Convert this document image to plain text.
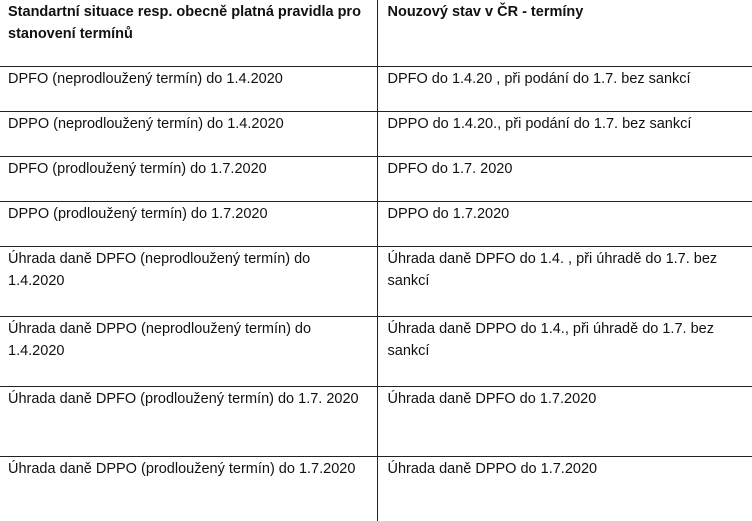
Standartní situace resp. obecně platná pravidla pro stanovení termínů	Nouzový stav v ČR - termíny

DPFO (neprodloužený termín) do 1.4.2020	DPFO do 1.4.20 , při podání do 1.7. bez sankcí

DPPO (neprodloužený termín) do 1.4.2020	DPPO do 1.4.20., při podání do 1.7. bez sankcí

DPFO (prodloužený termín) do 1.7.2020	DPFO do 1.7. 2020

DPPO (prodloužený termín) do 1.7.2020	DPPO do 1.7.2020

Úhrada daně DPFO (neprodloužený termín) do 1.4.2020	Úhrada daně DPFO do 1.4. , při úhradě do 1.7. bez sankcí

Úhrada daně DPPO (neprodloužený termín) do 1.4.2020	Úhrada daně DPPO do 1.4., při úhradě do 1.7. bez sankcí

Úhrada daně DPFO (prodloužený termín) do 1.7. 2020	Úhrada daně DPFO do 1.7.2020

Úhrada daně DPPO (prodloužený termín) do 1.7.2020	Úhrada daně DPPO do 1.7.2020
